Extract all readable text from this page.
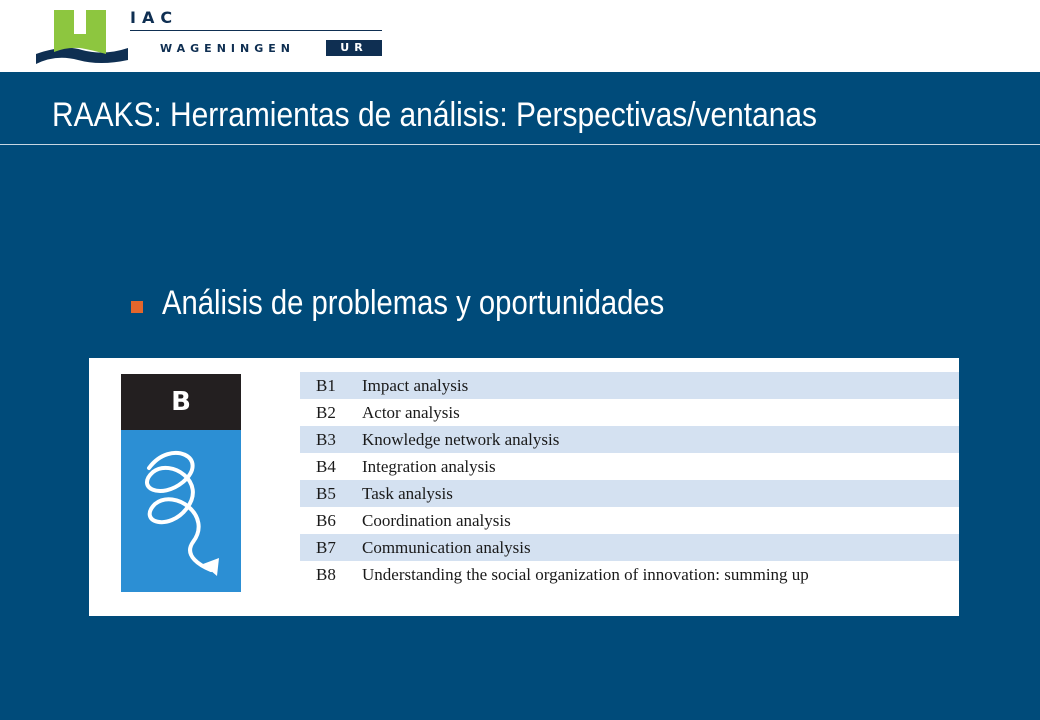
IAC
WAGENINGEN	UR
RAAKS: Herramientas de análisis: Perspectivas/ventanas
Análisis de problemas y oportunidades
B
B1	Impact analysis
B2	Actor analysis
B3	Knowledge network analysis
B4	Integration analysis
B5	Task analysis
B6	Coordination analysis
B7	Communication analysis
B8	Understanding the social organization of innovation: summing up
